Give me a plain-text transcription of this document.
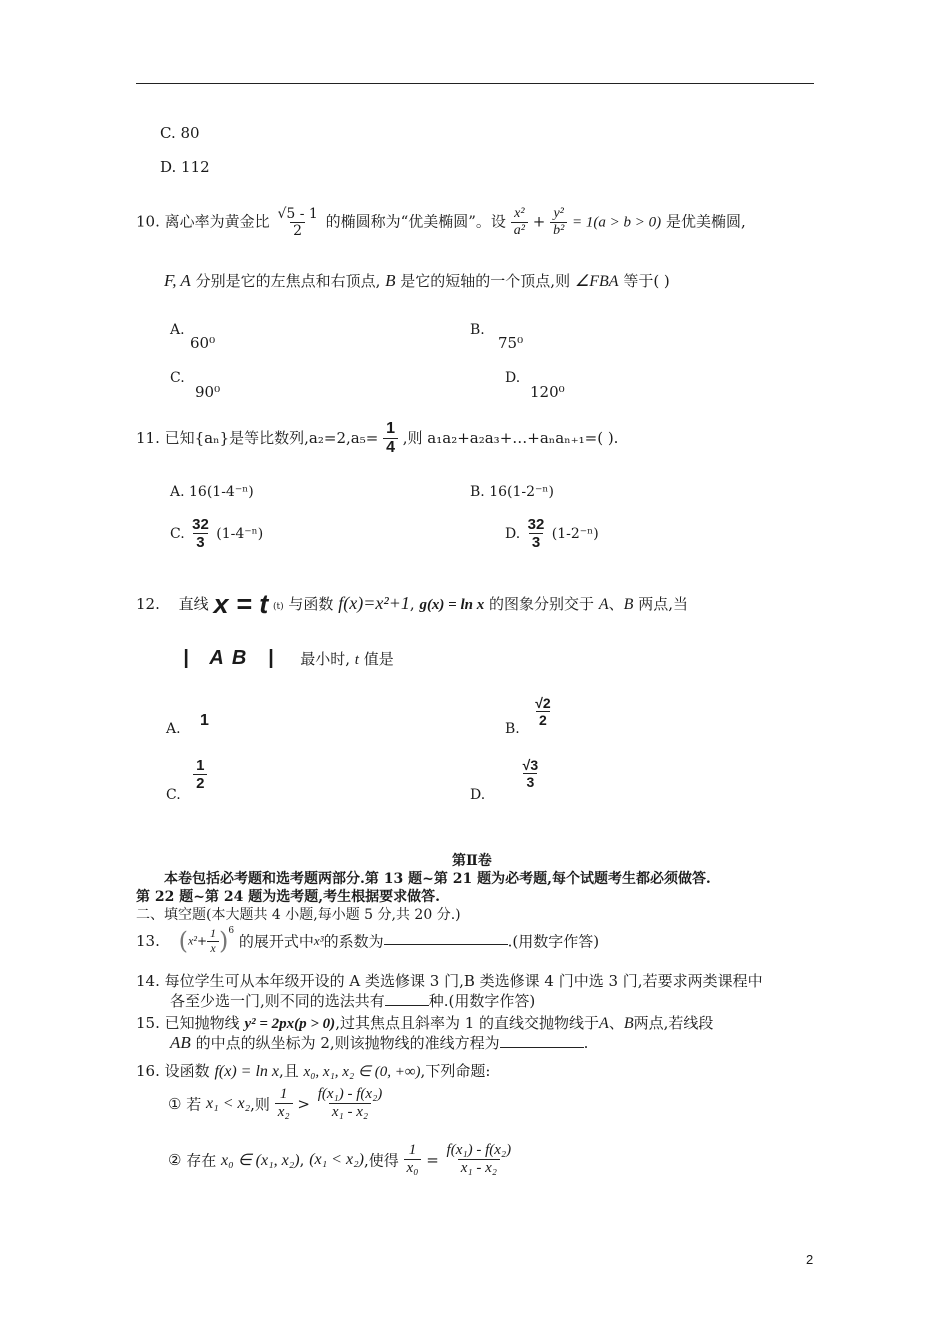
C. 80
D. 112
10. 离心率为黄金比 $\frac{√5 - 1}{2}$ 的椭圆称为“优美椭圆”。设 $\frac{\text{x²}}{\text{a²}} + \frac{\text{y²}}{\text{b²}} = 1(a > b > 0)$ 是优美椭圆,
F, A 分别是它的左焦点和右顶点, B 是它的短轴的一个顶点,则 ∠FBA 等于( )
A.
60⁰
B.
75⁰
C.
90⁰
D.
120⁰
11. 已知{aₙ}是等比数列$,a_2=2,a_5= \frac{1}{4}$ ,则 a₁a₂+a₂a₃+…+aₙaₙ₊₁=( ).
A. 16(1-4⁻ⁿ)	B. 16(1-2⁻ⁿ)
C. $\frac{32}{3} (1-4^{-n})$	D. $\frac{32}{3} (1-2^{-n})$
12. 直线 x = t (t) 与函数 f(x)=x²+1, g(x) = ln x 的图象分别交于 A、B 两点,当
| AB | 最小时, t 值是
A. 1	B.
$\frac{√2}{2}$
C.
$\frac{1}{2}$
D.
$\frac{√3}{3}$
第Ⅱ卷
本卷包括必考题和选考题两部分.第 13 题~第 21 题为必考题,每个试题考生都必须做答.
第 22 题~第 24 题为选考题,考生根据要求做答.
二、填空题(本大题共 4 小题,每小题 5 分,共 20 分.)
13. $(x^2+ \frac{1}{x} )^6$ 的展开式中x³的系数为	.(用数字作答)
14. 每位学生可从本年级开设的 A 类选修课 3 门,B 类选修课 4 门中选 3 门,若要求两类课程中
各至少选一门,则不同的选法共有	种.(用数字作答)
15. 已知抛物线 y² = 2px(p > 0),过其焦点且斜率为 1 的直线交抛物线于A、B两点,若线段
AB 的中点的纵坐标为 2,则该抛物线的准线方程为	.
16. 设函数 f(x) = ln x,且 x₀, x₁, x₂ ∈ (0, +∞),下列命题:
① 若 x₁ < x₂,则 $\frac{1}{\text{x₂}} > \frac{\text{f(x₁) - f(x₂)}}{\text{x₁ - x₂}}$
② 存在 x₀ ∈ (x₁, x₂), (x₁ < x₂),使得 $\frac{1}{\text{x₀}} = \frac{\text{f(x₁) - f(x₂)}}{\text{x₁ - x₂}}$
2
